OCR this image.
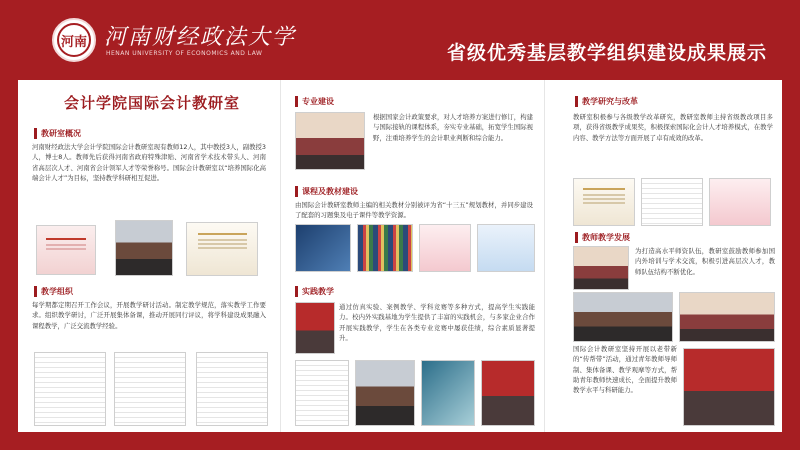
河南 河南财经政法大学
HENAN UNIVERSITY OF ECONOMICS AND LAW	省级优秀基层教学组织建设成果展示
会计学院国际会计教研室
教研室概况
河南财经政法大学会计学院国际会计教研室现有教师12人，其中教授3人，副教授3人，博士8人。教师先后获得河南省政府特殊津贴、河南省学术技术带头人、河南省高层次人才、河南省会计领军人才等荣誉称号。国际会计教研室以“培养国际化高端会计人才”为目标，坚持教学科研相互促进。
教学组织
每学期都定期召开工作会议，开展教学研讨活动。制定教学规范，落实教学工作要求。组织教学研讨，广泛开展集体备课，推动开展同行评议，将学科建设成果融入课程教学，广泛交流教学经验。
专业建设
根据国家会计政策要求，对人才培养方案进行修订，构建与国际接轨的课程体系，夯实专业基础，拓宽学生国际视野，注重培养学生的会计职业判断和综合能力。
课程及教材建设
由国际会计教研室教师主编的相关教材分别被评为省“十三五”规划教材，并同步建设了配套的习题集及电子课件等教学资源。
实践教学
通过仿真实验、案例教学、学科竞赛等多种方式，提高学生实践能力。校内外实践基地为学生提供了丰富的实践机会，与多家企业合作开展实践教学，学生在各类专业竞赛中屡获佳绩，综合素质显著提升。
教学研究与改革
教研室积极参与各级教学改革研究，教研室教师主持省级教改项目多项，获得省级教学成果奖，积极探索国际化会计人才培养模式，在教学内容、教学方法等方面开展了卓有成效的改革。
教师教学发展
为打造高水平师资队伍，教研室鼓励教师参加国内外培训与学术交流，积极引进高层次人才，教师队伍结构不断优化。
国际会计教研室坚持开展以老带新的“传帮带”活动，通过青年教师导师制、集体备课、教学观摩等方式，帮助青年教师快速成长，全面提升教师教学水平与科研能力。
